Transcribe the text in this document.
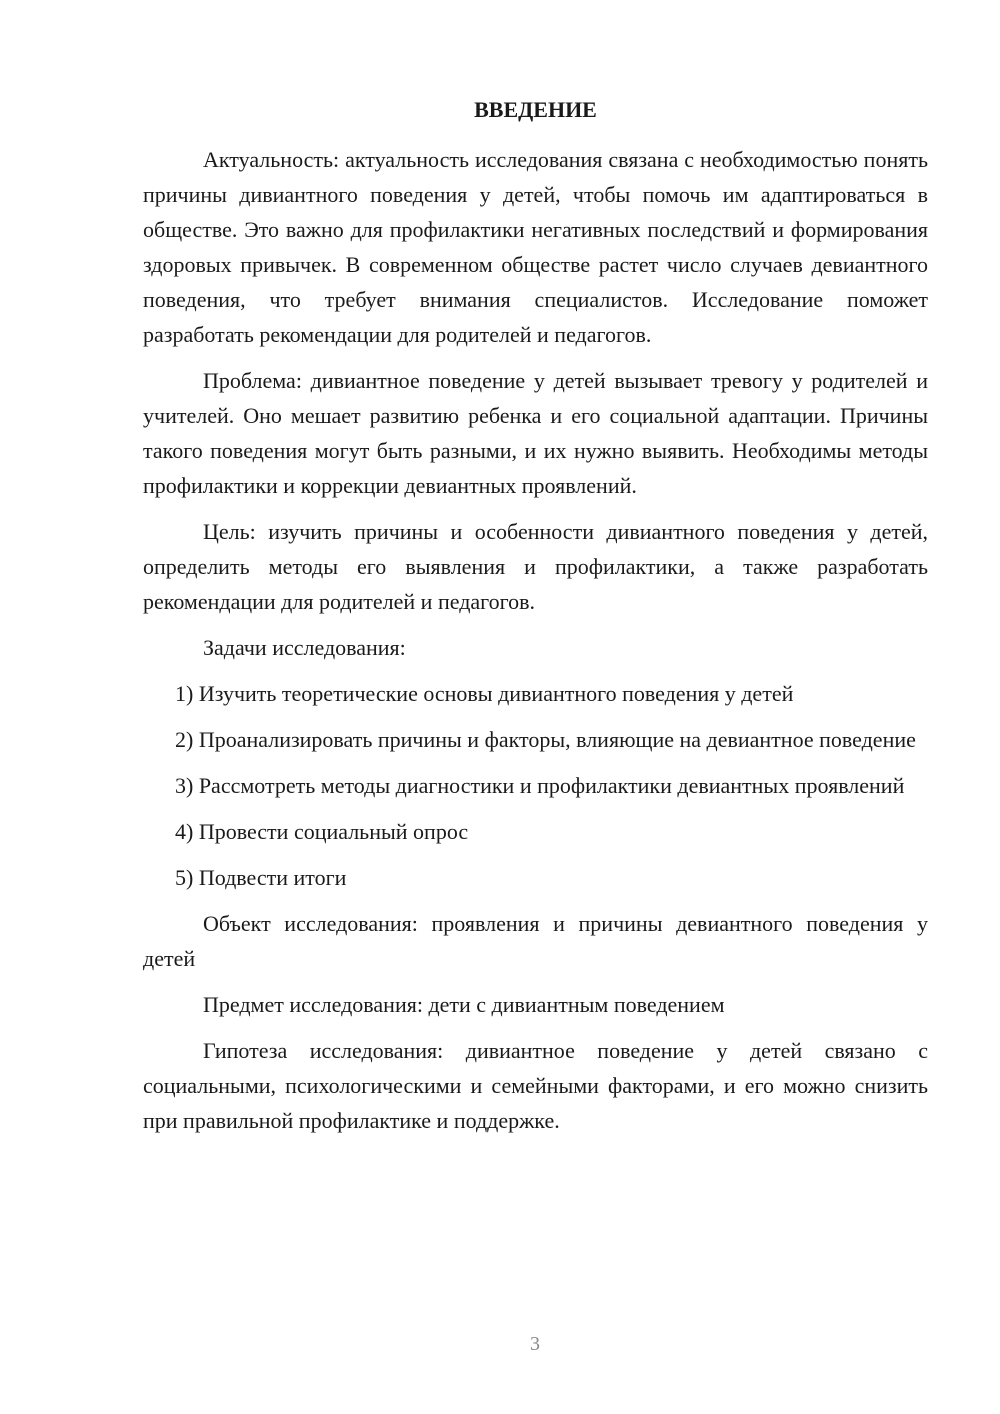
ВВЕДЕНИЕ

Актуальность: актуальность исследования связана с необходимостью понять причины дивиантного поведения у детей, чтобы помочь им адаптироваться в обществе. Это важно для профилактики негативных последствий и формирования здоровых привычек. В современном обществе растет число случаев девиантного поведения, что требует внимания специалистов. Исследование поможет разработать рекомендации для родителей и педагогов.

Проблема: дивиантное поведение у детей вызывает тревогу у родителей и учителей. Оно мешает развитию ребенка и его социальной адаптации. Причины такого поведения могут быть разными, и их нужно выявить. Необходимы методы профилактики и коррекции девиантных проявлений.

Цель: изучить причины и особенности дивиантного поведения у детей, определить методы его выявления и профилактики, а также разработать рекомендации для родителей и педагогов.

Задачи исследования:

1) Изучить теоретические основы дивиантного поведения у детей

2) Проанализировать причины и факторы, влияющие на девиантное поведение

3) Рассмотреть методы диагностики и профилактики девиантных проявлений

4) Провести социальный опрос

5) Подвести итоги

Объект исследования: проявления и причины девиантного поведения у детей

Предмет исследования: дети с дивиантным поведением

Гипотеза исследования: дивиантное поведение у детей связано с социальными, психологическими и семейными факторами, и его можно снизить при правильной профилактике и поддержке.

3
